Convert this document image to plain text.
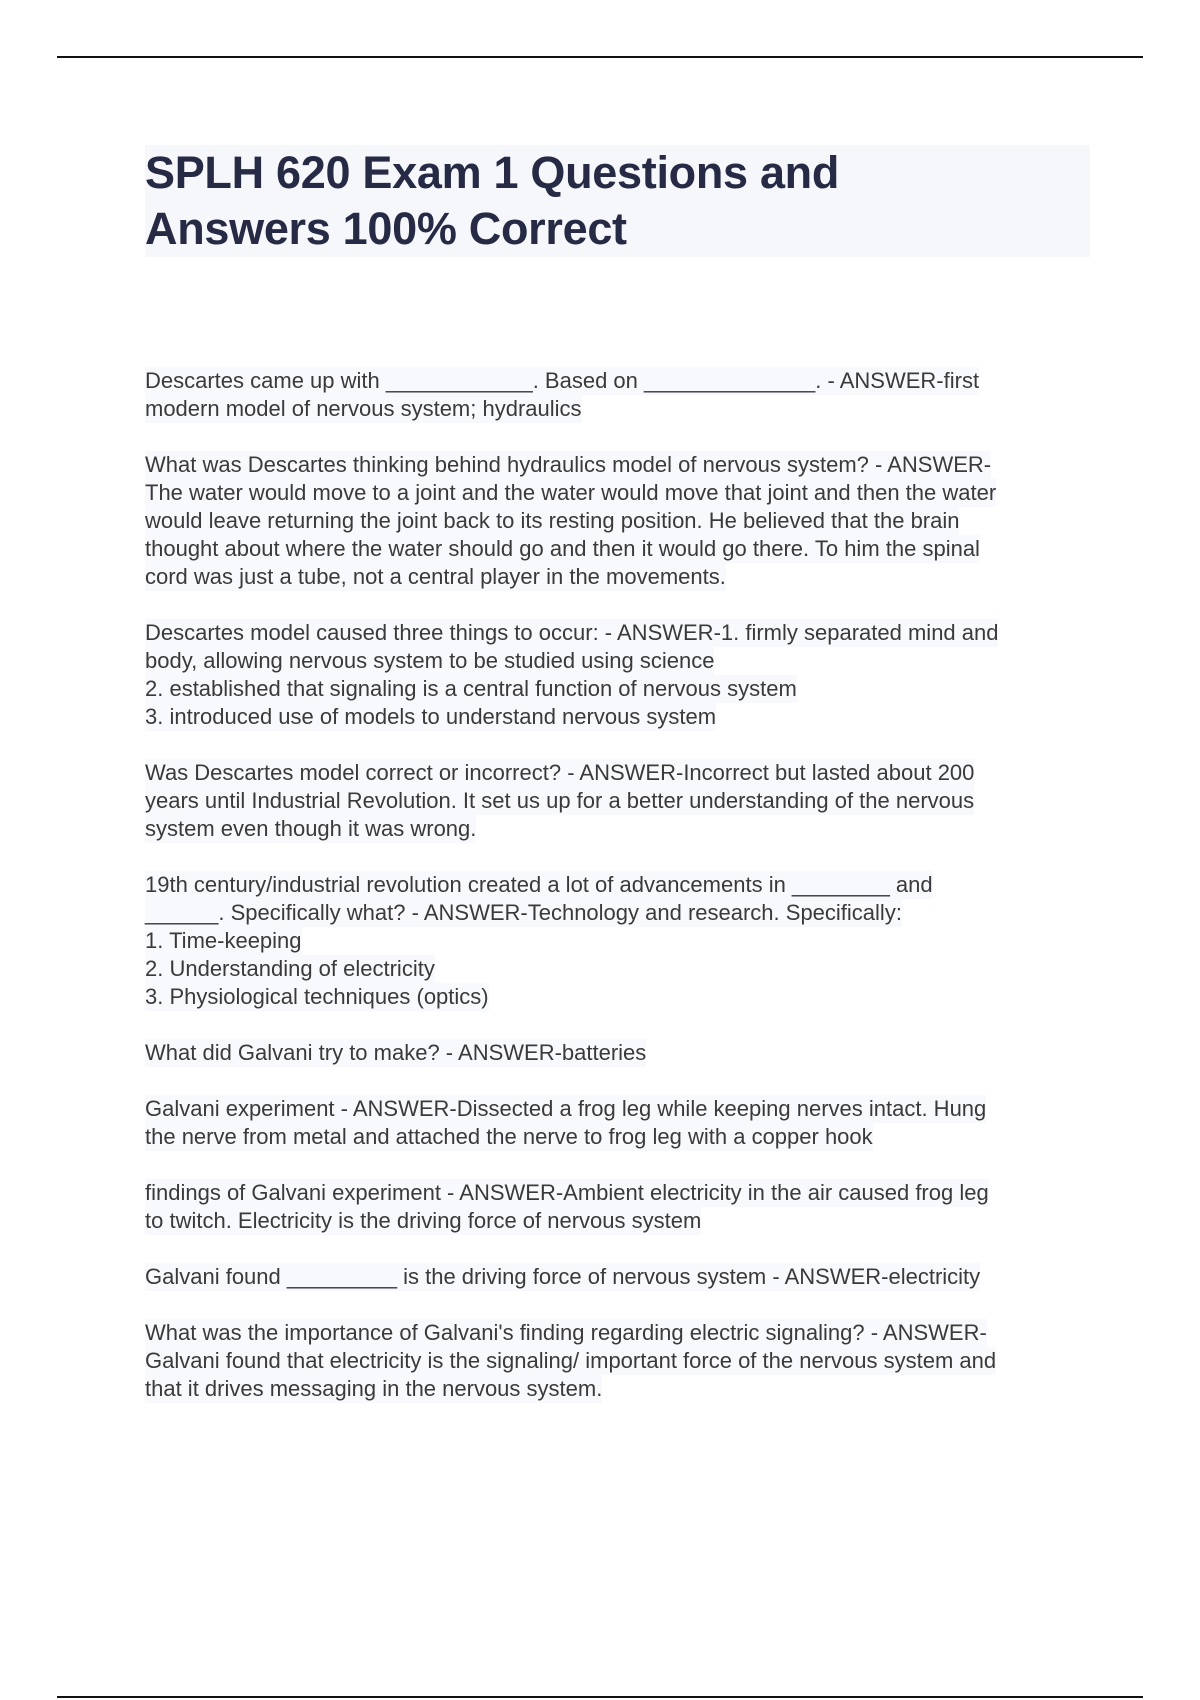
SPLH 620 Exam 1 Questions and
Answers 100% Correct
Descartes came up with ____________. Based on ______________. - ANSWER-first
modern model of nervous system; hydraulics
What was Descartes thinking behind hydraulics model of nervous system? - ANSWER-
The water would move to a joint and the water would move that joint and then the water
would leave returning the joint back to its resting position. He believed that the brain
thought about where the water should go and then it would go there. To him the spinal
cord was just a tube, not a central player in the movements.
Descartes model caused three things to occur: - ANSWER-1. firmly separated mind and
body, allowing nervous system to be studied using science
2. established that signaling is a central function of nervous system
3. introduced use of models to understand nervous system
Was Descartes model correct or incorrect? - ANSWER-Incorrect but lasted about 200
years until Industrial Revolution. It set us up for a better understanding of the nervous
system even though it was wrong.
19th century/industrial revolution created a lot of advancements in ________ and
______. Specifically what? - ANSWER-Technology and research. Specifically:
1. Time-keeping
2. Understanding of electricity
3. Physiological techniques (optics)
What did Galvani try to make? - ANSWER-batteries
Galvani experiment - ANSWER-Dissected a frog leg while keeping nerves intact. Hung
the nerve from metal and attached the nerve to frog leg with a copper hook
findings of Galvani experiment - ANSWER-Ambient electricity in the air caused frog leg
to twitch. Electricity is the driving force of nervous system
Galvani found _________ is the driving force of nervous system - ANSWER-electricity
What was the importance of Galvani's finding regarding electric signaling? - ANSWER-
Galvani found that electricity is the signaling/ important force of the nervous system and
that it drives messaging in the nervous system.
